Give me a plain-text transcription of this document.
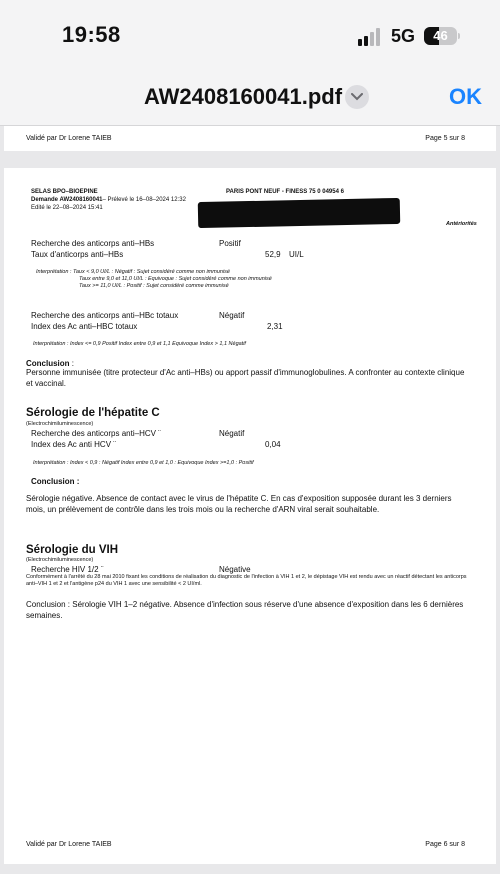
19:58	5G	46
AW2408160041.pdf	OK
Validé par Dr Lorene TAIEB	Page 5 sur 8
SELAS BPO–BIOEPINE
Demande AW2408160041– Prélevé le 16–08–2024 12:32
Edité le 22–08–2024 15:41
PARIS PONT NEUF - FINESS 75 0 04954 6
Antériorités
Recherche des anticorps anti–HBs	Positif
Taux d'anticorps anti–HBs	52,9 UI/L
Interprétation : Taux < 9,0 UI/L : Négatif : Sujet considéré comme non immunisé
Taux entre 9,0 et 11,0 UI/L : Equivoque : Sujet considéré comme non immunisé
Taux >= 11,0 UI/L : Positif : Sujet considéré comme immunisé
Recherche des anticorps anti–HBc totaux	Négatif
Index des Ac anti–HBC totaux	2,31
Interprétation : Index <= 0,9 Positif Index entre 0,9 et 1,1 Equivoque Index > 1,1 Négatif
Conclusion :
Personne immunisée (titre protecteur d'Ac anti–HBs) ou apport passif d'immunoglobulines. A confronter au contexte clinique et vaccinal.
Sérologie de l'hépatite C
(Electrochimiluminescence)
Recherche des anticorps anti–HCV ¨	Négatif
Index des Ac anti HCV ¨	0,04
Interprétation : Index < 0,9 : Négatif Index entre 0,9 et 1,0 : Equivoque Index >=1,0 : Positif
Conclusion :
Sérologie négative. Absence de contact avec le virus de l'hépatite C. En cas d'exposition supposée durant les 3 derniers mois, un prélèvement de contrôle dans les trois mois ou la recherche d'ARN viral serait souhaitable.
Sérologie du VIH
(Electrochimiluminescence)
Recherche HIV 1/2 ¨	Négative
Conformément à l'arrêté du 28 mai 2010 fixant les conditions de réalisation du diagnostic de l'infection à VIH 1 et 2, le dépistage VIH est rendu avec un réactif détectant les anticorps anti–VIH 1 et 2 et l'antigène p24 du VIH 1 avec une sensibilité < 2 UI/ml.
Conclusion : Sérologie VIH 1–2 négative. Absence d'infection sous réserve d'une absence d'exposition dans les 6 dernières semaines.
Validé par Dr Lorene TAIEB	Page 6 sur 8
